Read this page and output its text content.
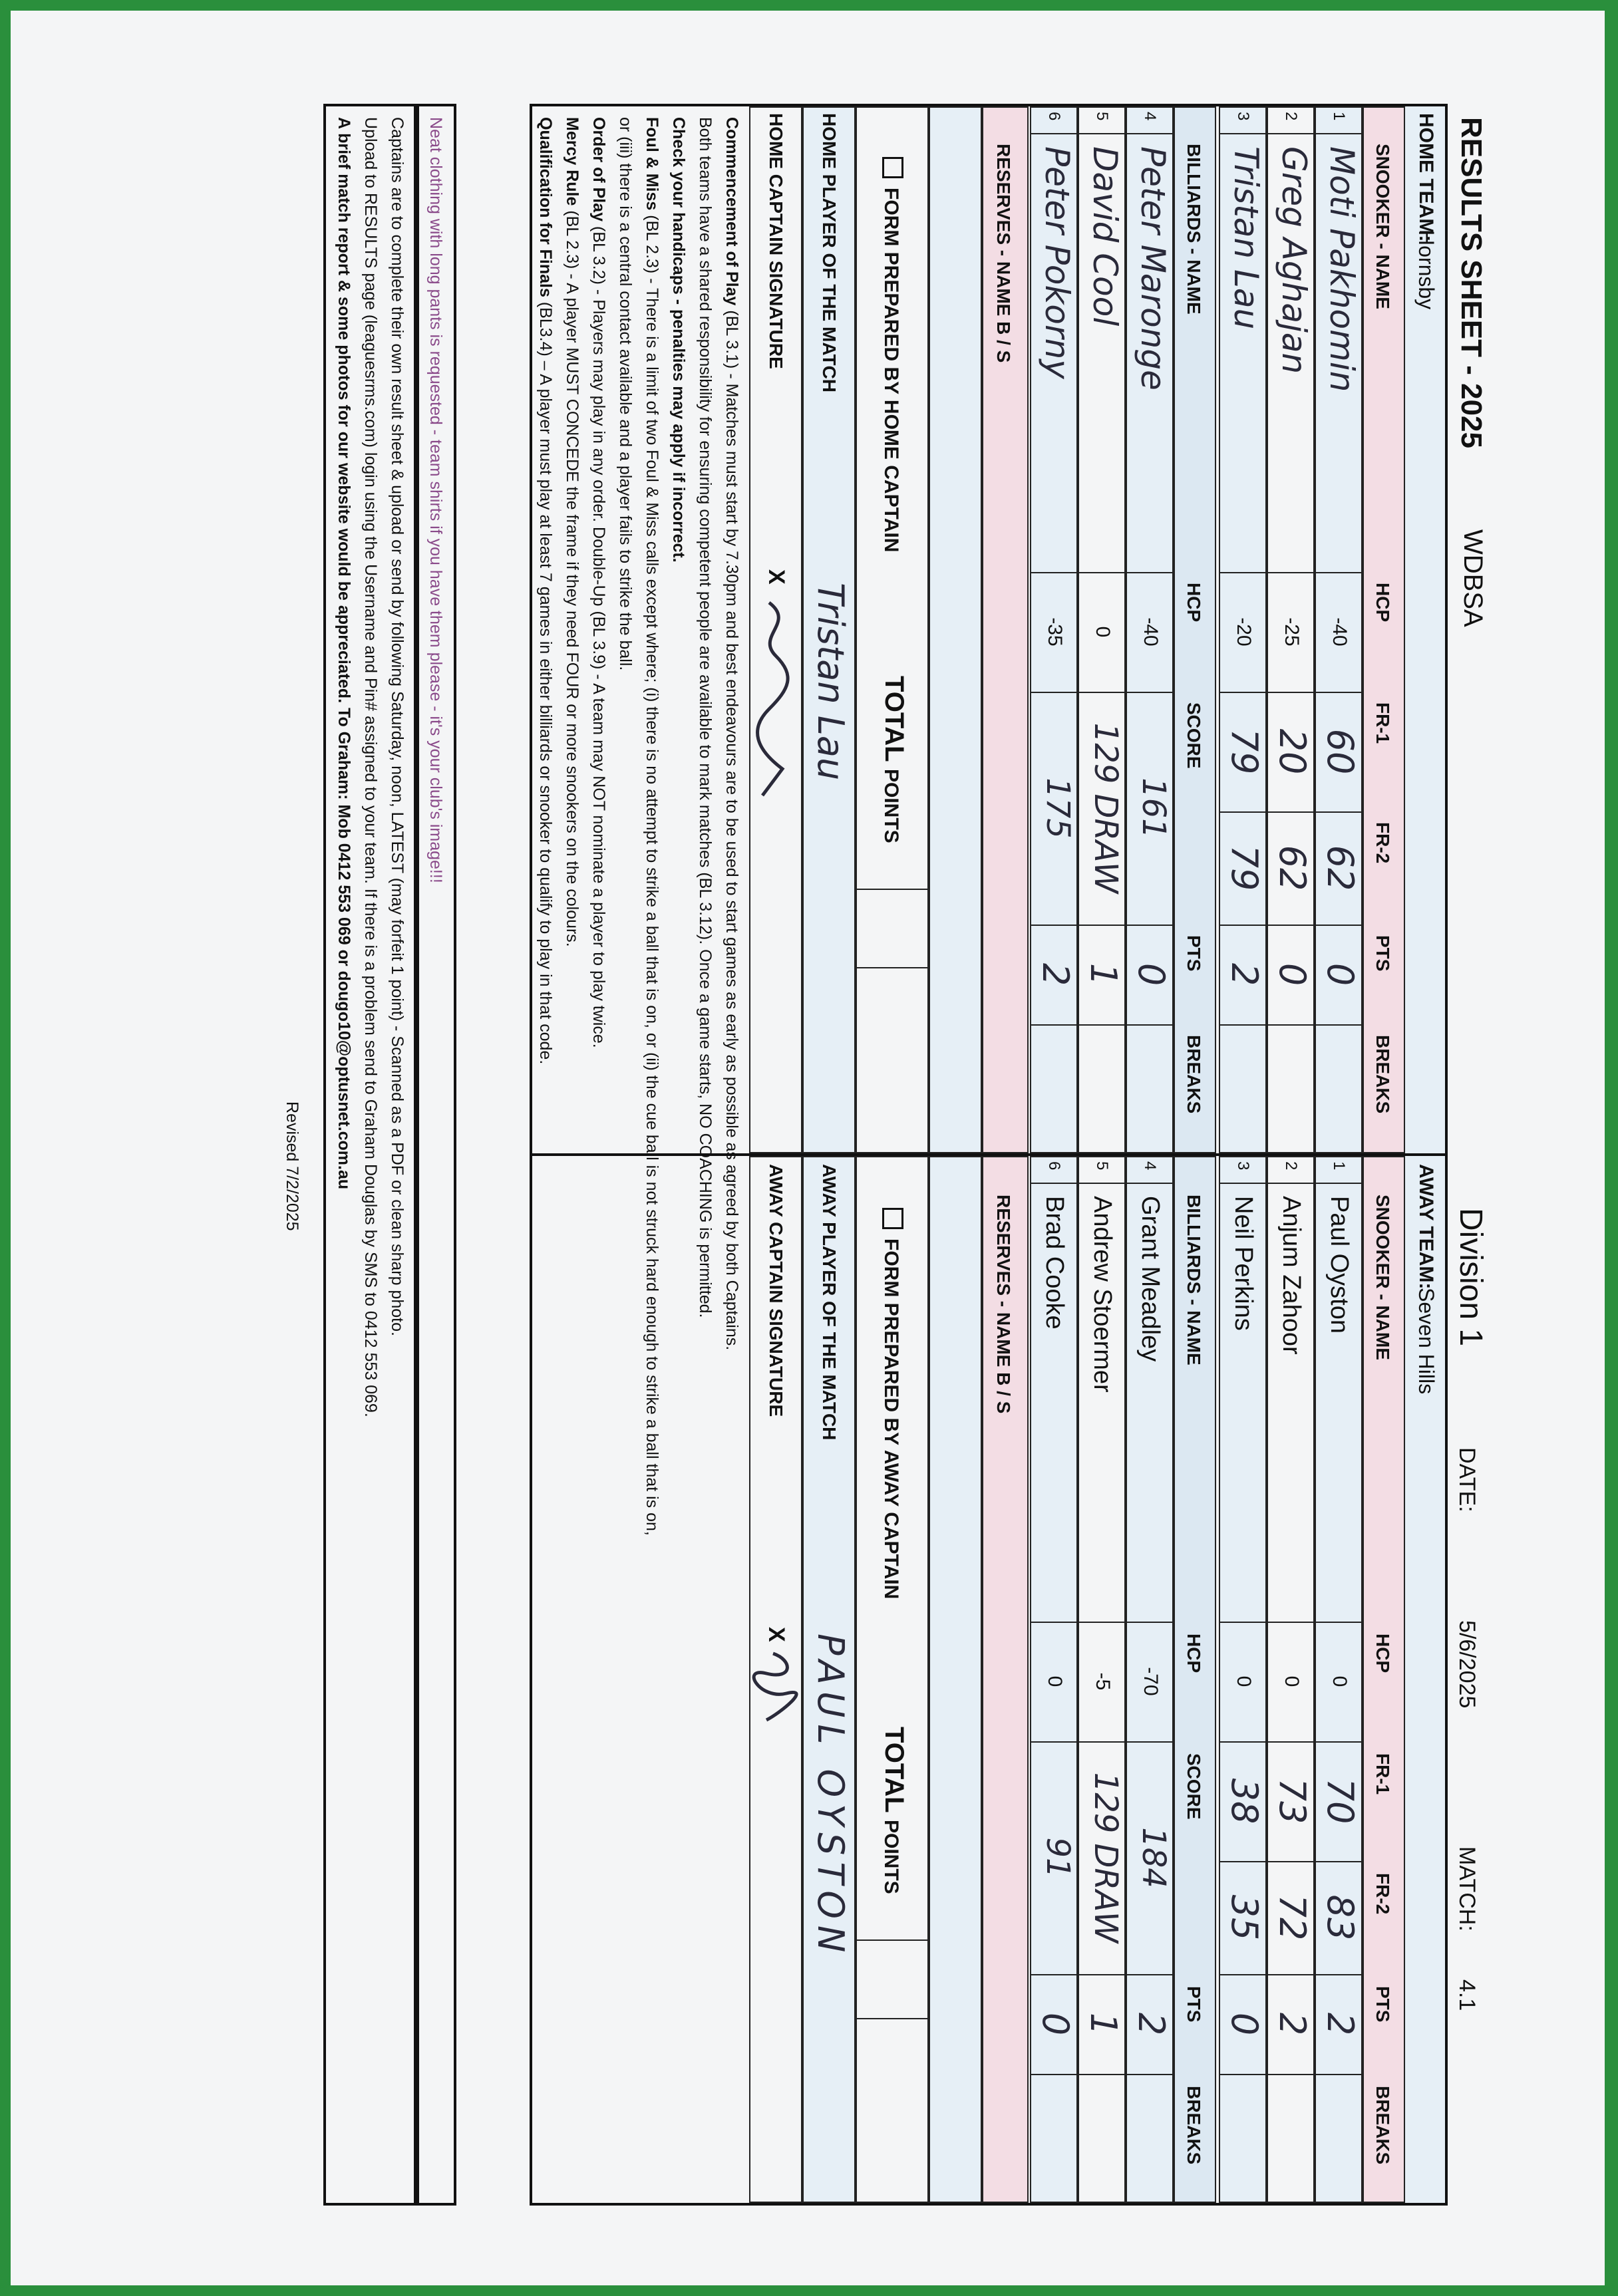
RESULTS SHEET - 2025
WDBSA
Division 1
DATE:
5/6/2025
MATCH:
4.1
HOME TEAM:
Hornsby
SNOOKER - NAME
HCP
FR-1
FR-2
PTS
BREAKS
BILLIARDS - NAME
HCP
SCORE
PTS
BREAKS
RESERVES - NAME B / S
FORM PREPARED BY HOME CAPTAIN
TOTAL
POINTS
HOME PLAYER OF THE MATCH
Tristan Lau
HOME CAPTAIN SIGNATURE
X
AWAY TEAM:
Seven Hills
SNOOKER - NAME
HCP
FR-1
FR-2
PTS
BREAKS
BILLIARDS - NAME
HCP
SCORE
PTS
BREAKS
RESERVES - NAME B / S
FORM PREPARED BY AWAY CAPTAIN
TOTAL
POINTS
AWAY PLAYER OF THE MATCH
PAUL OYSTON
AWAY CAPTAIN SIGNATURE
X

Commencement of Play (BL 3.1) - Matches must start by 7.30pm and best endeavours are to be used to start games as early as possible as agreed by both Captains.

Both teams have a shared responsibility for ensuring competent people are available to mark matches (BL 3.12). Once a game starts, NO COACHING is permitted.

Check your handicaps - penalties may apply if incorrect.

Foul & Miss (BL 2.3) - There is a limit of two Foul & Miss calls except where; (i) there is no attempt to strike a ball that is on, or (ii) the cue ball is not struck hard enough to strike a ball that is on,

or (iii) there is a central contact available and a player fails to strike the ball.

Order of Play (BL 3.2) - Players may play in any order. Double-Up (BL 3.9) - A team may NOT nominate a player to play twice.

Mercy Rule (BL 2.3) - A player MUST CONCEDE the frame if they need FOUR or more snookers on the colours.

Qualification for Finals (BL3.4) – A player must play at least 7 games in either billiards or snooker to qualify to play in that code.

Neat clothing with long pants is requested - team shirts if you have them please - it's your club's image!!!
Captains are to complete their own result sheet & upload or send by following Saturday, noon, LATEST (may forfeit 1 point) - Scanned as a PDF or clean sharp photo.
Upload to RESULTS page (leaguesrms.com) login using the Username and Pin# assigned to your team. If there is a problem send to Graham Douglas by SMS to 0412 553 069.
A brief match report & some photos for our website would be appreciated. To Graham: Mob 0412 553 069 or dougo10@optusnet.com.au
Revised 7/2/2025
1
Moti Pakhomin
-40
60
62
0
2
Greg Aghajan
-25
20
62
0
3
Tristan Lau
-20
79
79
2
4
Peter Maronge
-40
161
0
5
David Cool
0
129 DRAW
1
6
Peter Pokorny
-35
175
2
1
Paul Oyston
0
70
83
2
2
Anjum Zahoor
0
73
72
2
3
Neil Perkins
0
38
35
0
4
Grant Meadley
-70
184
2
5
Andrew Stoermer
-5
129 DRAW
1
6
Brad Cooke
0
91
0
